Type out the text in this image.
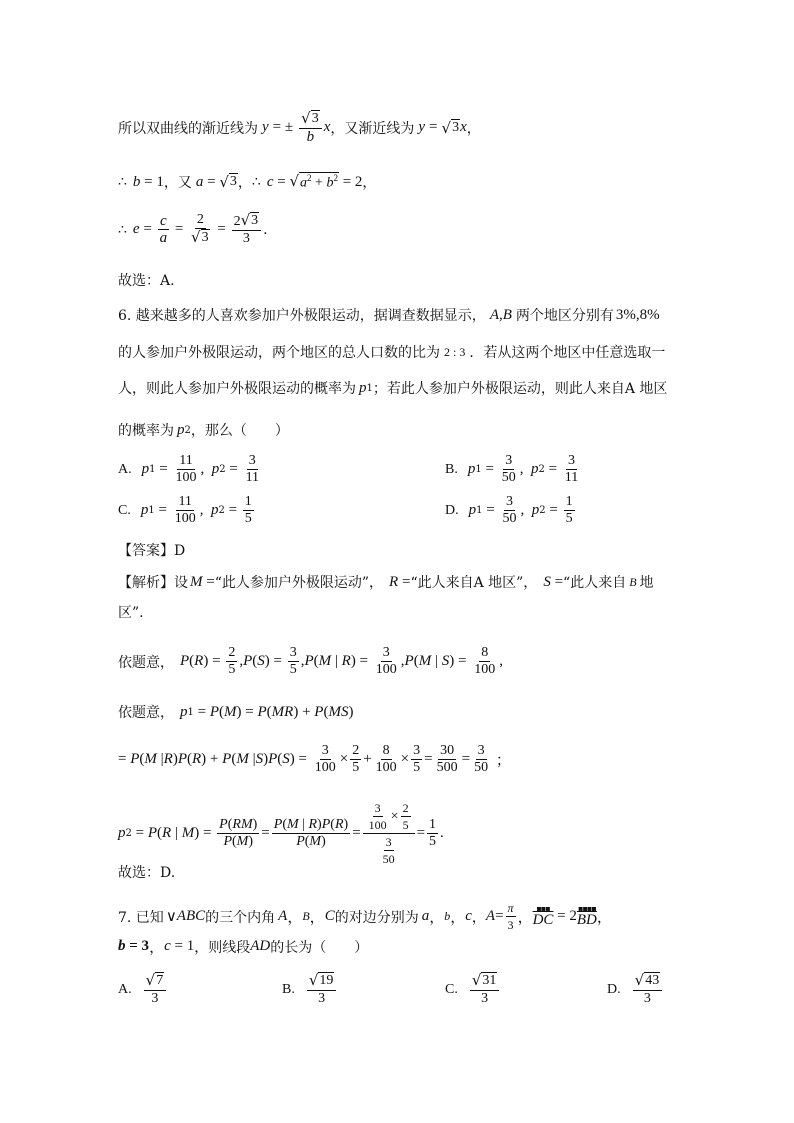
所以双曲线的渐近线为 y = ± $\frac{√ 3}{b}$ x ，又渐近线为 y = √ 3 x ，
∴ b = 1 ，又 a = √ 3 ， ∴ c = √ $a^2 + b^2 = 2$ ，
∴ $e = \frac{c}{a} = \frac{2}{√ 3} = \frac{2 √ 3}{3}$ .
故选：A.
6. 越来越多的人喜欢参加户外极限运动，据调查数据显示， A,B 两个地区分别有 3%,8%
的人参加户外极限运动，两个地区的总人口数的比为 2 : 3 ．若从这两个地区中任意选取一
人，则此人参加户外极限运动的概率为 p 1 ；若此人参加户外极限运动，则此人来自A 地区
的概率为 p 2 ，那么（　　）
A. p $1 = \frac{11}{100}$ , p $2 = \frac{3}{11}$	B. p $1 = \frac{3}{50}$ , p $2 = \frac{3}{11}$
C. p $1 = \frac{11}{100}$ , p $2 = \frac{1}{5}$	D. p $1 = \frac{3}{50}$ , p $2 = \frac{1}{5}$
【答案】D
【解析】设 M = “此人参加户外极限运动”， R = “此人来自A 地区”， S = “此人来自 B 地
区”.
依题意， P ( R ) = $\frac{2}{5}$ , P ( S ) = $\frac{3}{5}$ , P ( M | R ) = $\frac{3}{100}$ , P ( M | S ) = $\frac{8}{100}$ ,
依题意， p 1 = P ( M ) = P ( MR ) + P ( MS )
= P ( M | R ) P ( R ) + P ( M | S ) P ( S ) = $\frac{3}{100} \times \frac{2}{5} + \frac{8}{100} \times \frac{3}{5} = \frac{30}{500} = \frac{3}{50}$ ；
p 2 = P ( R | M ) = $\frac{P(RM)}{P(M)} = \frac{P(M | R)P(R)}{P(M)} = \frac{\frac{3}{100} \times \frac{2}{5}}{\frac{3}{50}} = \frac{1}{5}$ .
故选：D.
7. 已知 ∨ ABC 的三个内角 A ， B ， C 的对边分别为 a ， b ， c ， $A = \frac{\pi}{3}$ ，
▪▪▪
$\overline{DC} = 2$ ▪▪▪▪
$\overline{BD}$ ，
b = 3 ， c = 1 ，则线段 AD 的长为（　　）
A. $\frac{√ 7}{3}$	B. $\frac{√ 19}{3}$	C. $\frac{√ 31}{3}$	D. $\frac{√ 43}{3}$
